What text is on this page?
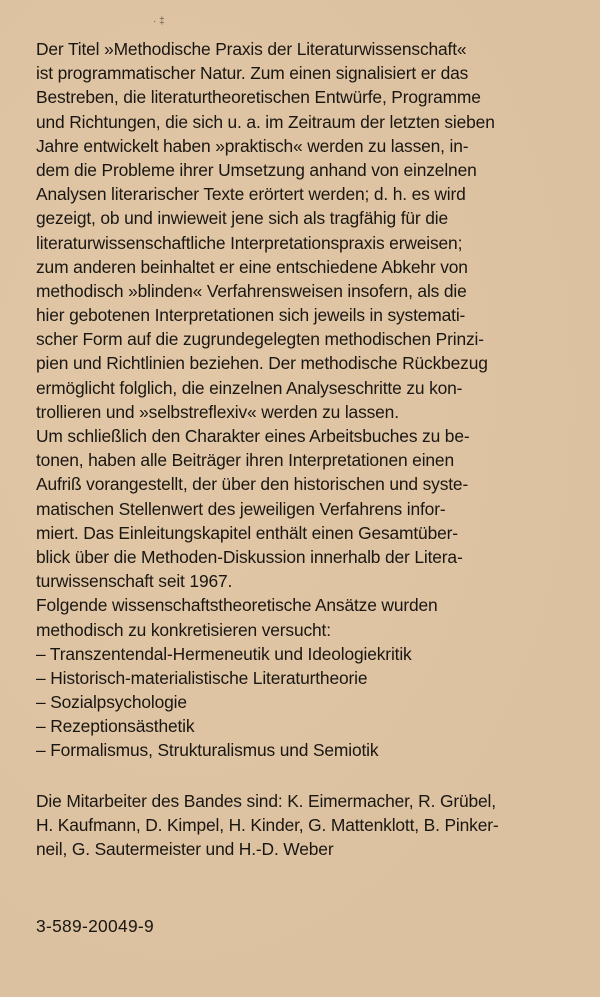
· ‡
Der Titel »Methodische Praxis der Literaturwissenschaft«
ist programmatischer Natur. Zum einen signalisiert er das
Bestreben, die literaturtheoretischen Entwürfe, Programme
und Richtungen, die sich u. a. im Zeitraum der letzten sieben
Jahre entwickelt haben »praktisch« werden zu lassen, in-
dem die Probleme ihrer Umsetzung anhand von einzelnen
Analysen literarischer Texte erörtert werden; d. h. es wird
gezeigt, ob und inwieweit jene sich als tragfähig für die
literaturwissenschaftliche Interpretationspraxis erweisen;
zum anderen beinhaltet er eine entschiedene Abkehr von
methodisch »blinden« Verfahrensweisen insofern, als die
hier gebotenen Interpretationen sich jeweils in systemati-
scher Form auf die zugrundegelegten methodischen Prinzi-
pien und Richtlinien beziehen. Der methodische Rückbezug
ermöglicht folglich, die einzelnen Analyseschritte zu kon-
trollieren und »selbstreflexiv« werden zu lassen.
Um schließlich den Charakter eines Arbeitsbuches zu be-
tonen, haben alle Beiträger ihren Interpretationen einen
Aufriß vorangestellt, der über den historischen und syste-
matischen Stellenwert des jeweiligen Verfahrens infor-
miert. Das Einleitungskapitel enthält einen Gesamtüber-
blick über die Methoden-Diskussion innerhalb der Litera-
turwissenschaft seit 1967.
Folgende wissenschaftstheoretische Ansätze wurden
methodisch zu konkretisieren versucht:
– Transzentendal-Hermeneutik und Ideologiekritik
– Historisch-materialistische Literaturtheorie
– Sozialpsychologie
– Rezeptionsästhetik
– Formalismus, Strukturalismus und Semiotik
Die Mitarbeiter des Bandes sind: K. Eimermacher, R. Grübel,
H. Kaufmann, D. Kimpel, H. Kinder, G. Mattenklott, B. Pinker-
neil, G. Sautermeister und H.-D. Weber
3-589-20049-9
